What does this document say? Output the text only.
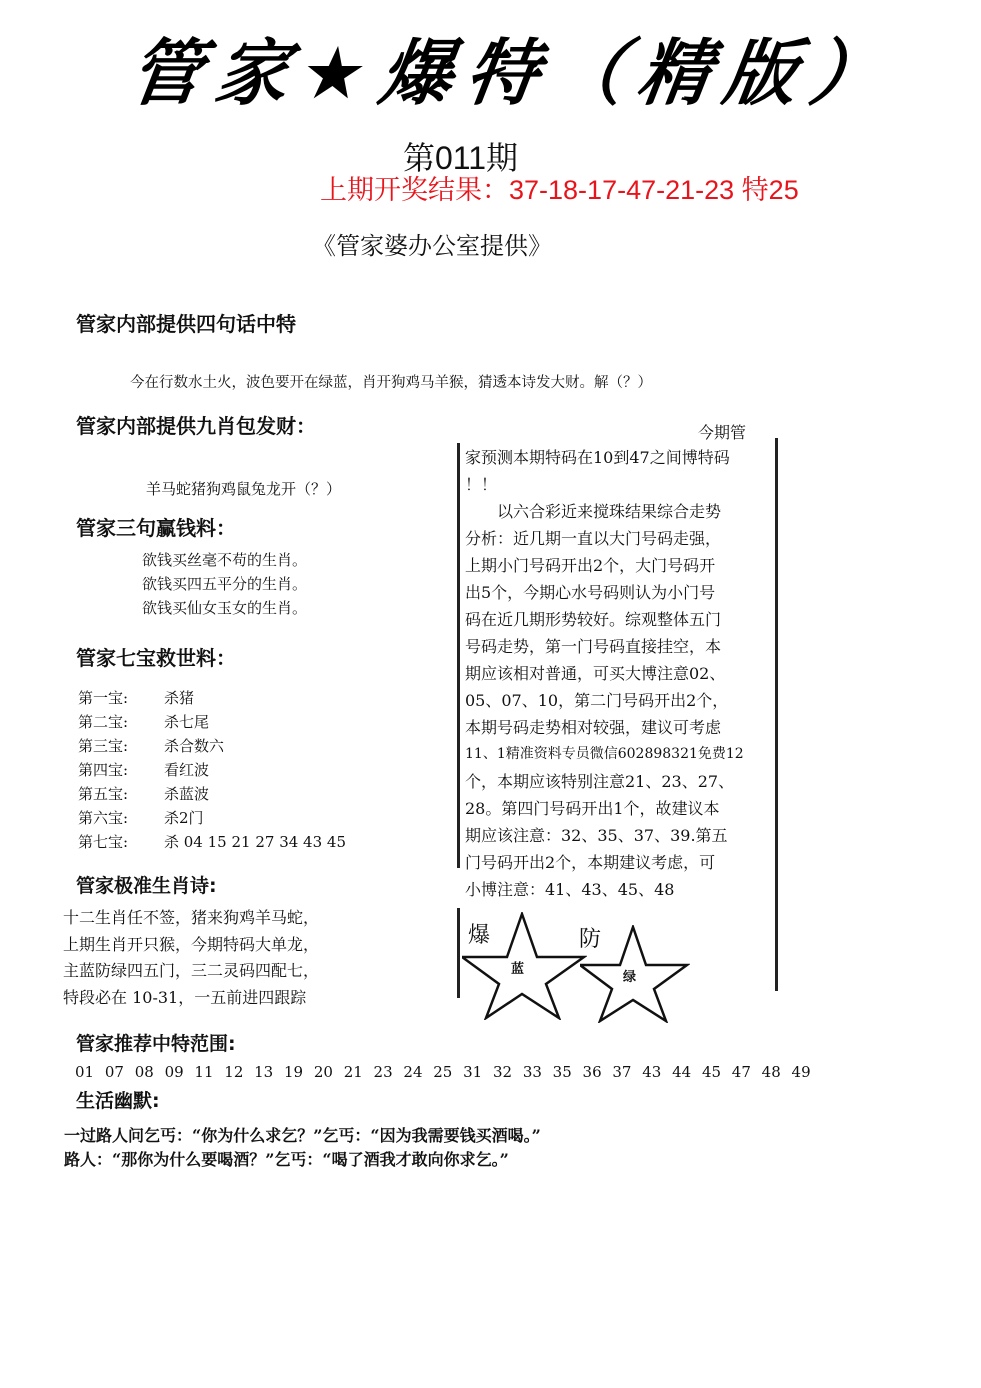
管家★爆特（精版）
第011期
上期开奖结果：37-18-17-47-21-23 特25
《管家婆办公室提供》
管家内部提供四句话中特
今在行数水土火，波色要开在绿蓝，肖开狗鸡马羊猴，猜透本诗发大财。解（？）
管家内部提供九肖包发财：
羊马蛇猪狗鸡鼠兔龙开（？）
管家三句赢钱料：
欲钱买丝毫不苟的生肖。
欲钱买四五平分的生肖。
欲钱买仙女玉女的生肖。
管家七宝救世料：
第一宝:	杀猪
第二宝:	杀七尾
第三宝:	杀合数六
第四宝:	看红波
第五宝:	杀蓝波
第六宝:	杀2门
第七宝:	杀 04 15 21 27 34 43 45
管家极准生肖诗:
十二生肖任不签，猪来狗鸡羊马蛇，
上期生肖开只猴，今期特码大单龙，
主蓝防绿四五门，三二灵码四配七，
特段必在 10-31，一五前进四跟踪
今期管
家预测本期特码在10到47之间博特码
！！
　　以六合彩近来搅珠结果综合走势
分析：近几期一直以大门号码走强，
上期小门号码开出2个，大门号码开
出5个，今期心水号码则认为小门号
码在近几期形势较好。综观整体五门
号码走势，第一门号码直接挂空，本
期应该相对普通，可买大博注意02、
05、07、10，第二门号码开出2个，
本期号码走势相对较强，建议可考虑
11、1精准资料专员微信602898321免费12
个，本期应该特别注意21、23、27、
28。第四门号码开出1个，故建议本
期应该注意：32、35、37、39.第五
门号码开出2个，本期建议考虑，可
小博注意：41、43、45、48
爆
蓝
防
绿
管家推荐中特范围:
01 07 08 09 11 12 13 19 20 21 23 24 25 31 32 33 35 36 37 43 44 45 47 48 49
生活幽默:
一过路人问乞丐：“你为什么求乞？”乞丐：“因为我需要钱买酒喝。”
路人：“那你为什么要喝酒？”乞丐：“喝了酒我才敢向你求乞。”
